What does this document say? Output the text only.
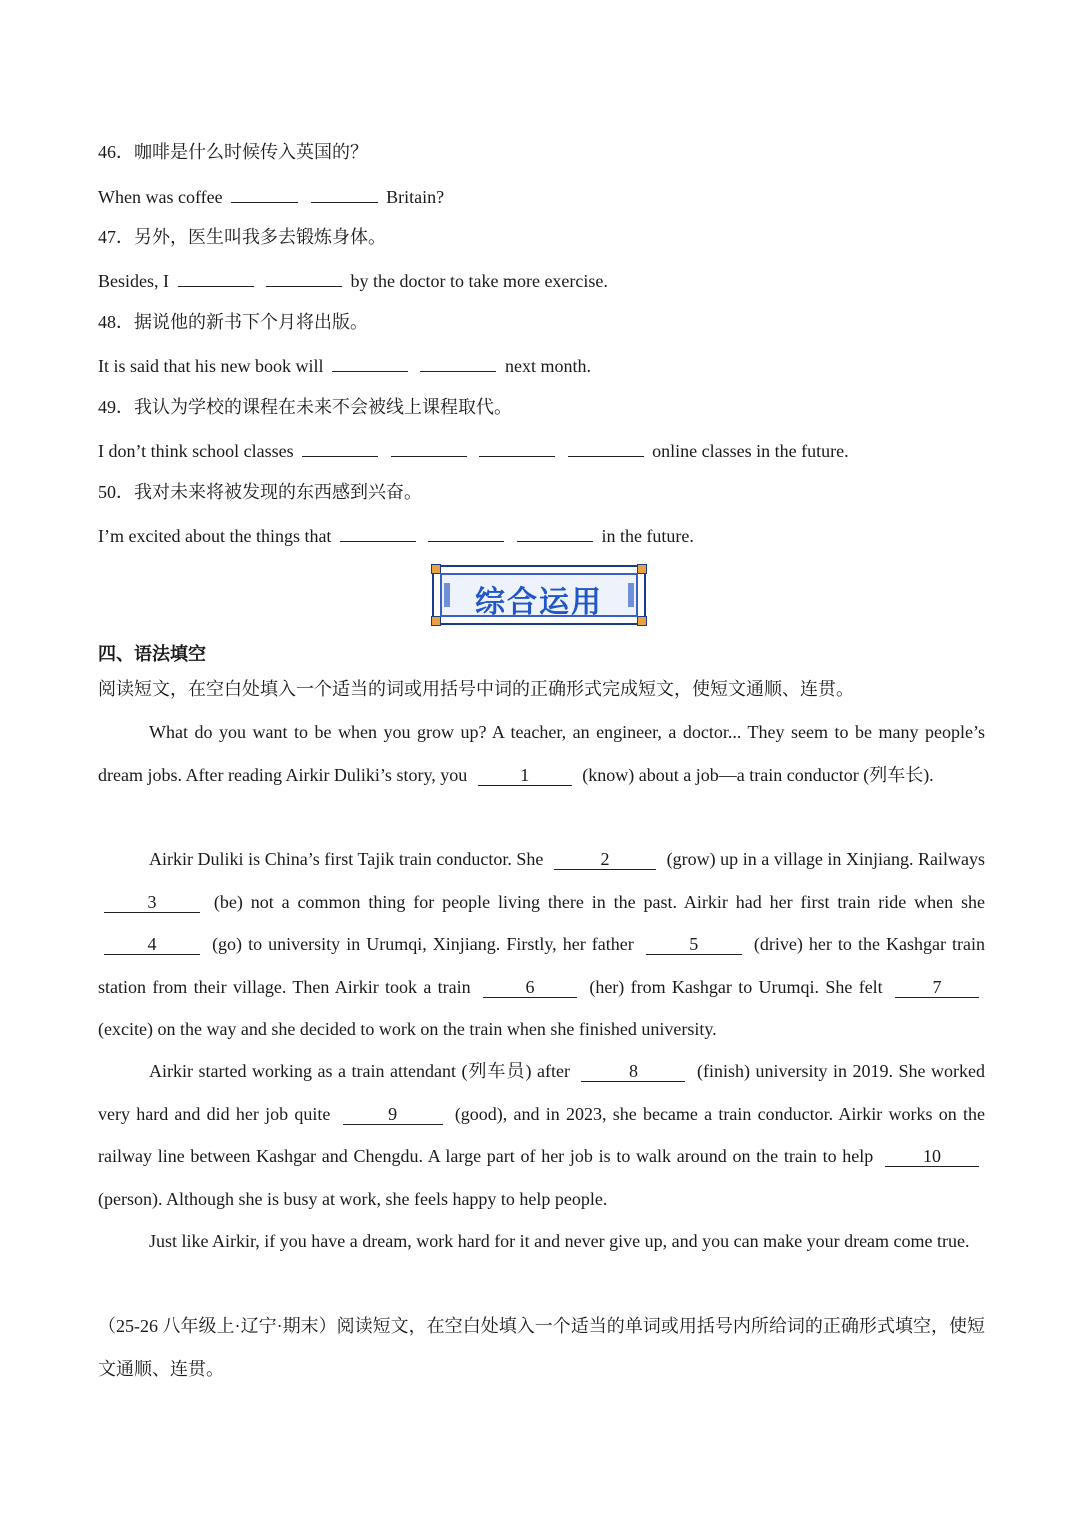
46．咖啡是什么时候传入英国的？
When was coffee	Britain?
47．另外，医生叫我多去锻炼身体。
Besides, I	by the doctor to take more exercise.
48．据说他的新书下个月将出版。
It is said that his new book will	next month.
49．我认为学校的课程在未来不会被线上课程取代。
I don’t think school classes	online classes in the future.
50．我对未来将被发现的东西感到兴奋。
I’m excited about the things that	in the future.
综合运用
四、语法填空
阅读短文，在空白处填入一个适当的词或用括号中词的正确形式完成短文，使短文通顺、连贯。
What do you want to be when you grow up? A teacher, an engineer, a doctor... They seem to be many people’s dream jobs. After reading Airkir Duliki’s story, you	1	(know) about a job—a train conductor (列车长).
Airkir Duliki is China’s first Tajik train conductor. She	2	(grow) up in a village in Xinjiang. Railways 3	(be) not a common thing for people living there in the past. Airkir had her first train ride when she 4	(go) to university in Urumqi, Xinjiang. Firstly, her father	5	(drive) her to the Kashgar train station from their village. Then Airkir took a train	6	(her) from Kashgar to Urumqi. She felt	7 (excite) on the way and she decided to work on the train when she finished university.
Airkir started working as a train attendant (列车员) after	8	(finish) university in 2019. She worked very hard and did her job quite	9	(good), and in 2023, she became a train conductor. Airkir works on the railway line between Kashgar and Chengdu. A large part of her job is to walk around on the train to help	10 (person). Although she is busy at work, she feels happy to help people.
Just like Airkir, if you have a dream, work hard for it and never give up, and you can make your dream come true.
（25-26 八年级上·辽宁·期末）阅读短文，在空白处填入一个适当的单词或用括号内所给词的正确形式填空，使短文通顺、连贯。
